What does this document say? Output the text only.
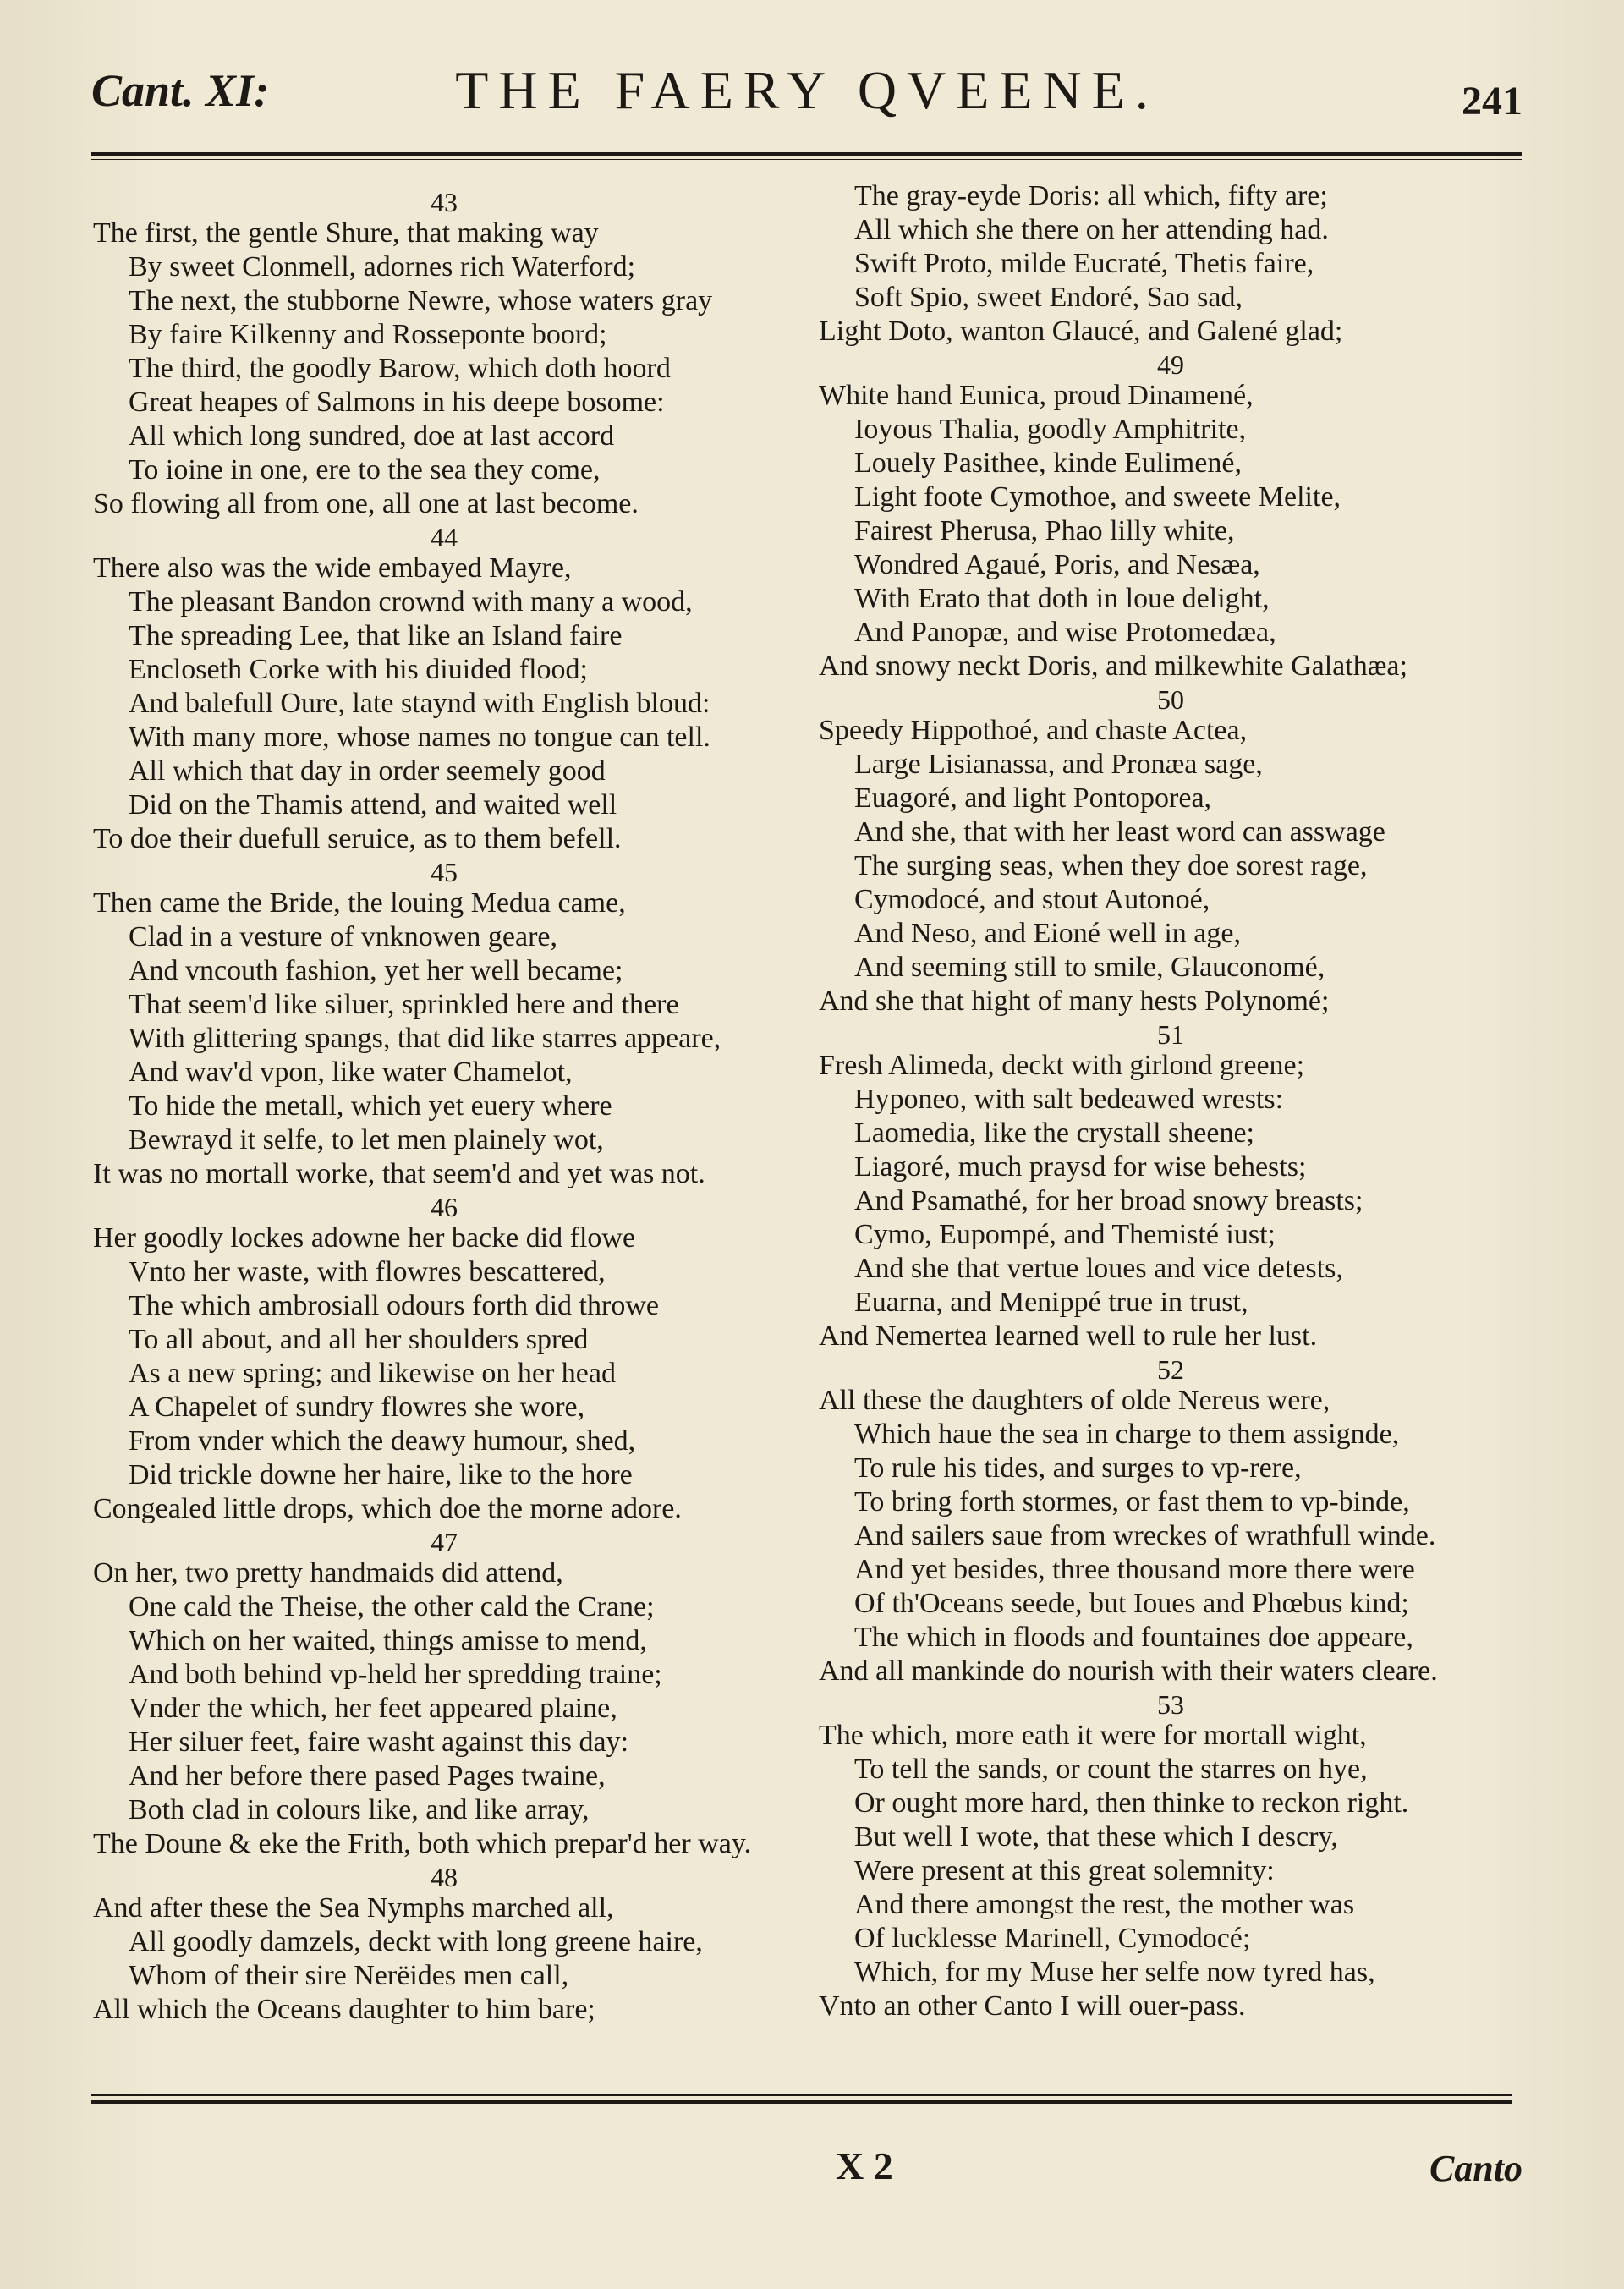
Cant. XI:	THE FAERY QVEENE.	241
43
The first, the gentle Shure, that making way
By sweet Clonmell, adornes rich Waterford;
The next, the stubborne Newre, whose waters gray
By faire Kilkenny and Rosseponte boord;
The third, the goodly Barow, which doth hoord
Great heapes of Salmons in his deepe bosome:
All which long sundred, doe at last accord
To ioine in one, ere to the sea they come,
So flowing all from one, all one at last become.
44
There also was the wide embayed Mayre,
The pleasant Bandon crownd with many a wood,
The spreading Lee, that like an Island faire
Encloseth Corke with his diuided flood;
And balefull Oure, late staynd with English bloud:
With many more, whose names no tongue can tell.
All which that day in order seemely good
Did on the Thamis attend, and waited well
To doe their duefull seruice, as to them befell.
45
Then came the Bride, the louing Medua came,
Clad in a vesture of vnknowen geare,
And vncouth fashion, yet her well became;
That seem'd like siluer, sprinkled here and there
With glittering spangs, that did like starres appeare,
And wav'd vpon, like water Chamelot,
To hide the metall, which yet euery where
Bewrayd it selfe, to let men plainely wot,
It was no mortall worke, that seem'd and yet was not.
46
Her goodly lockes adowne her backe did flowe
Vnto her waste, with flowres bescattered,
The which ambrosiall odours forth did throwe
To all about, and all her shoulders spred
As a new spring; and likewise on her head
A Chapelet of sundry flowres she wore,
From vnder which the deawy humour, shed,
Did trickle downe her haire, like to the hore
Congealed little drops, which doe the morne adore.
47
On her, two pretty handmaids did attend,
One cald the Theise, the other cald the Crane;
Which on her waited, things amisse to mend,
And both behind vp-held her spredding traine;
Vnder the which, her feet appeared plaine,
Her siluer feet, faire washt against this day:
And her before there pased Pages twaine,
Both clad in colours like, and like array,
The Doune & eke the Frith, both which prepar'd her way.
48
And after these the Sea Nymphs marched all,
All goodly damzels, deckt with long greene haire,
Whom of their sire Nerëides men call,
All which the Oceans daughter to him bare;
The gray-eyde Doris: all which, fifty are;
All which she there on her attending had.
Swift Proto, milde Eucraté, Thetis faire,
Soft Spio, sweet Endoré, Sao sad,
Light Doto, wanton Glaucé, and Galené glad;
49
White hand Eunica, proud Dinamené,
Ioyous Thalia, goodly Amphitrite,
Louely Pasithee, kinde Eulimené,
Light foote Cymothoe, and sweete Melite,
Fairest Pherusa, Phao lilly white,
Wondred Agaué, Poris, and Nesæa,
With Erato that doth in loue delight,
And Panopæ, and wise Protomedæa,
And snowy neckt Doris, and milkewhite Galathæa;
50
Speedy Hippothoé, and chaste Actea,
Large Lisianassa, and Pronæa sage,
Euagoré, and light Pontoporea,
And she, that with her least word can asswage
The surging seas, when they doe sorest rage,
Cymodocé, and stout Autonoé,
And Neso, and Eioné well in age,
And seeming still to smile, Glauconomé,
And she that hight of many hests Polynomé;
51
Fresh Alimeda, deckt with girlond greene;
Hyponeo, with salt bedeawed wrests:
Laomedia, like the crystall sheene;
Liagoré, much praysd for wise behests;
And Psamathé, for her broad snowy breasts;
Cymo, Eupompé, and Themisté iust;
And she that vertue loues and vice detests,
Euarna, and Menippé true in trust,
And Nemertea learned well to rule her lust.
52
All these the daughters of olde Nereus were,
Which haue the sea in charge to them assignde,
To rule his tides, and surges to vp-rere,
To bring forth stormes, or fast them to vp-binde,
And sailers saue from wreckes of wrathfull winde.
And yet besides, three thousand more there were
Of th'Oceans seede, but Ioues and Phœbus kind;
The which in floods and fountaines doe appeare,
And all mankinde do nourish with their waters cleare.
53
The which, more eath it were for mortall wight,
To tell the sands, or count the starres on hye,
Or ought more hard, then thinke to reckon right.
But well I wote, that these which I descry,
Were present at this great solemnity:
And there amongst the rest, the mother was
Of lucklesse Marinell, Cymodocé;
Which, for my Muse her selfe now tyred has,
Vnto an other Canto I will ouer-pass.
X 2	Canto
